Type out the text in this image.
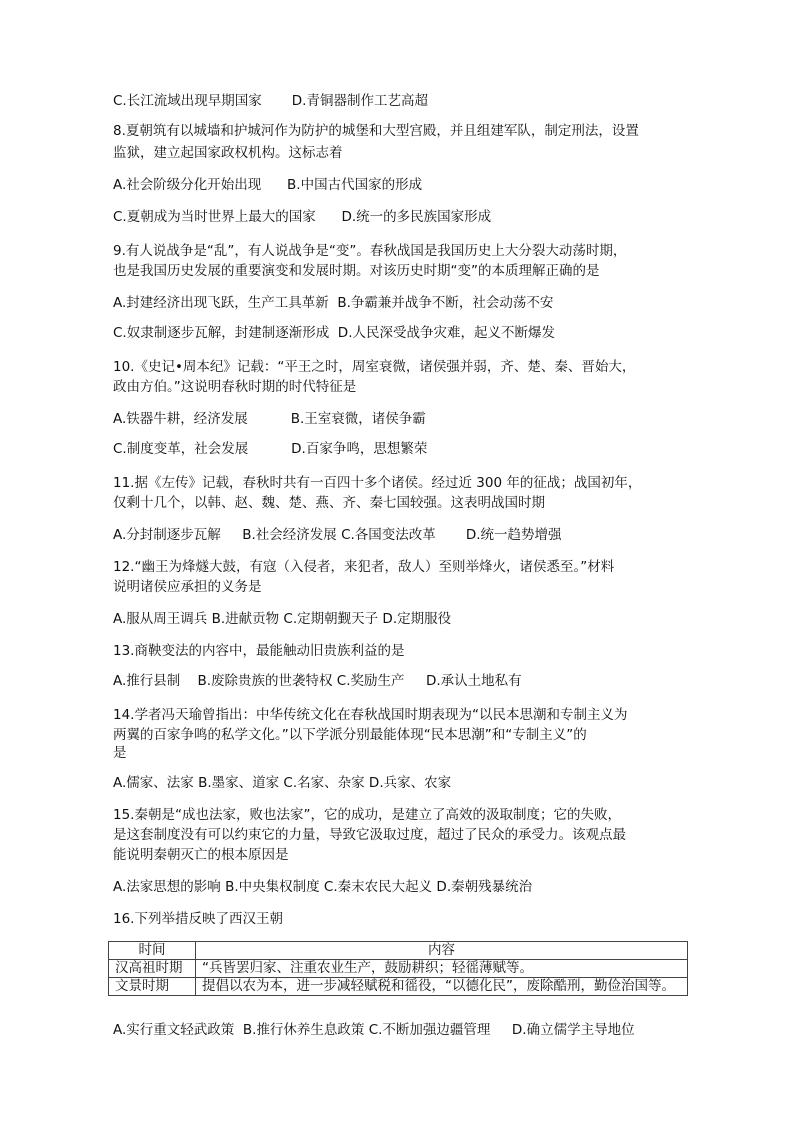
C.长江流域出现早期国家       D.青铜器制作工艺高超
8.夏朝筑有以城墙和护城河作为防护的城堡和大型宫殿，并且组建军队，制定刑法，设置
监狱，建立起国家政权机构。这标志着
A.社会阶级分化开始出现      B.中国古代国家的形成
C.夏朝成为当时世界上最大的国家      D.统一的多民族国家形成
9.有人说战争是“乱”，有人说战争是“变”。春秋战国是我国历史上大分裂大动荡时期，
也是我国历史发展的重要演变和发展时期。对该历史时期“变”的本质理解正确的是
A.封建经济出现飞跃，生产工具革新  B.争霸兼并战争不断，社会动荡不安
C.奴隶制逐步瓦解，封建制逐渐形成  D.人民深受战争灾难，起义不断爆发
10.《史记•周本纪》记载：“平王之时，周室衰微，诸侯强并弱，齐、楚、秦、晋始大，
政由方伯。”这说明春秋时期的时代特征是
A.铁器牛耕，经济发展          B.王室衰微，诸侯争霸
C.制度变革，社会发展          D.百家争鸣，思想繁荣
11.据《左传》记载，春秋时共有一百四十多个诸侯。经过近 300 年的征战；战国初年，
仅剩十几个，以韩、赵、魏、楚、燕、齐、秦七国较强。这表明战国时期
A.分封制逐步瓦解     B.社会经济发展 C.各国变法改革       D.统一趋势增强
12.“幽王为烽燧大鼓，有寇（入侵者，来犯者，敌人）至则举烽火，诸侯悉至。”材料
说明诸侯应承担的义务是
A.服从周王调兵 B.进献贡物 C.定期朝觐天子 D.定期服役
13.商鞅变法的内容中，最能触动旧贵族利益的是
A.推行县制    B.废除贵族的世袭特权 C.奖励生产     D.承认土地私有
14.学者冯天瑜曾指出：中华传统文化在春秋战国时期表现为“以民本思潮和专制主义为
两翼的百家争鸣的私学文化。”以下学派分别最能体现“民本思潮”和“专制主义”的
是
A.儒家、法家 B.墨家、道家 C.名家、杂家 D.兵家、农家
15.秦朝是“成也法家，败也法家”，它的成功，是建立了高效的汲取制度；它的失败，
是这套制度没有可以约束它的力量，导致它汲取过度，超过了民众的承受力。该观点最
能说明秦朝灭亡的根本原因是
A.法家思想的影响 B.中央集权制度 C.秦末农民大起义 D.秦朝残暴统治
16.下列举措反映了西汉王朝
时间	内容
汉高祖时期	“兵皆罢归家、注重农业生产，鼓励耕织；轻徭薄赋等。
文景时期	提倡以农为本，进一步减轻赋税和徭役，“以德化民”，废除酷刑，勤俭治国等。
A.实行重文轻武政策  B.推行休养生息政策 C.不断加强边疆管理     D.确立儒学主导地位
